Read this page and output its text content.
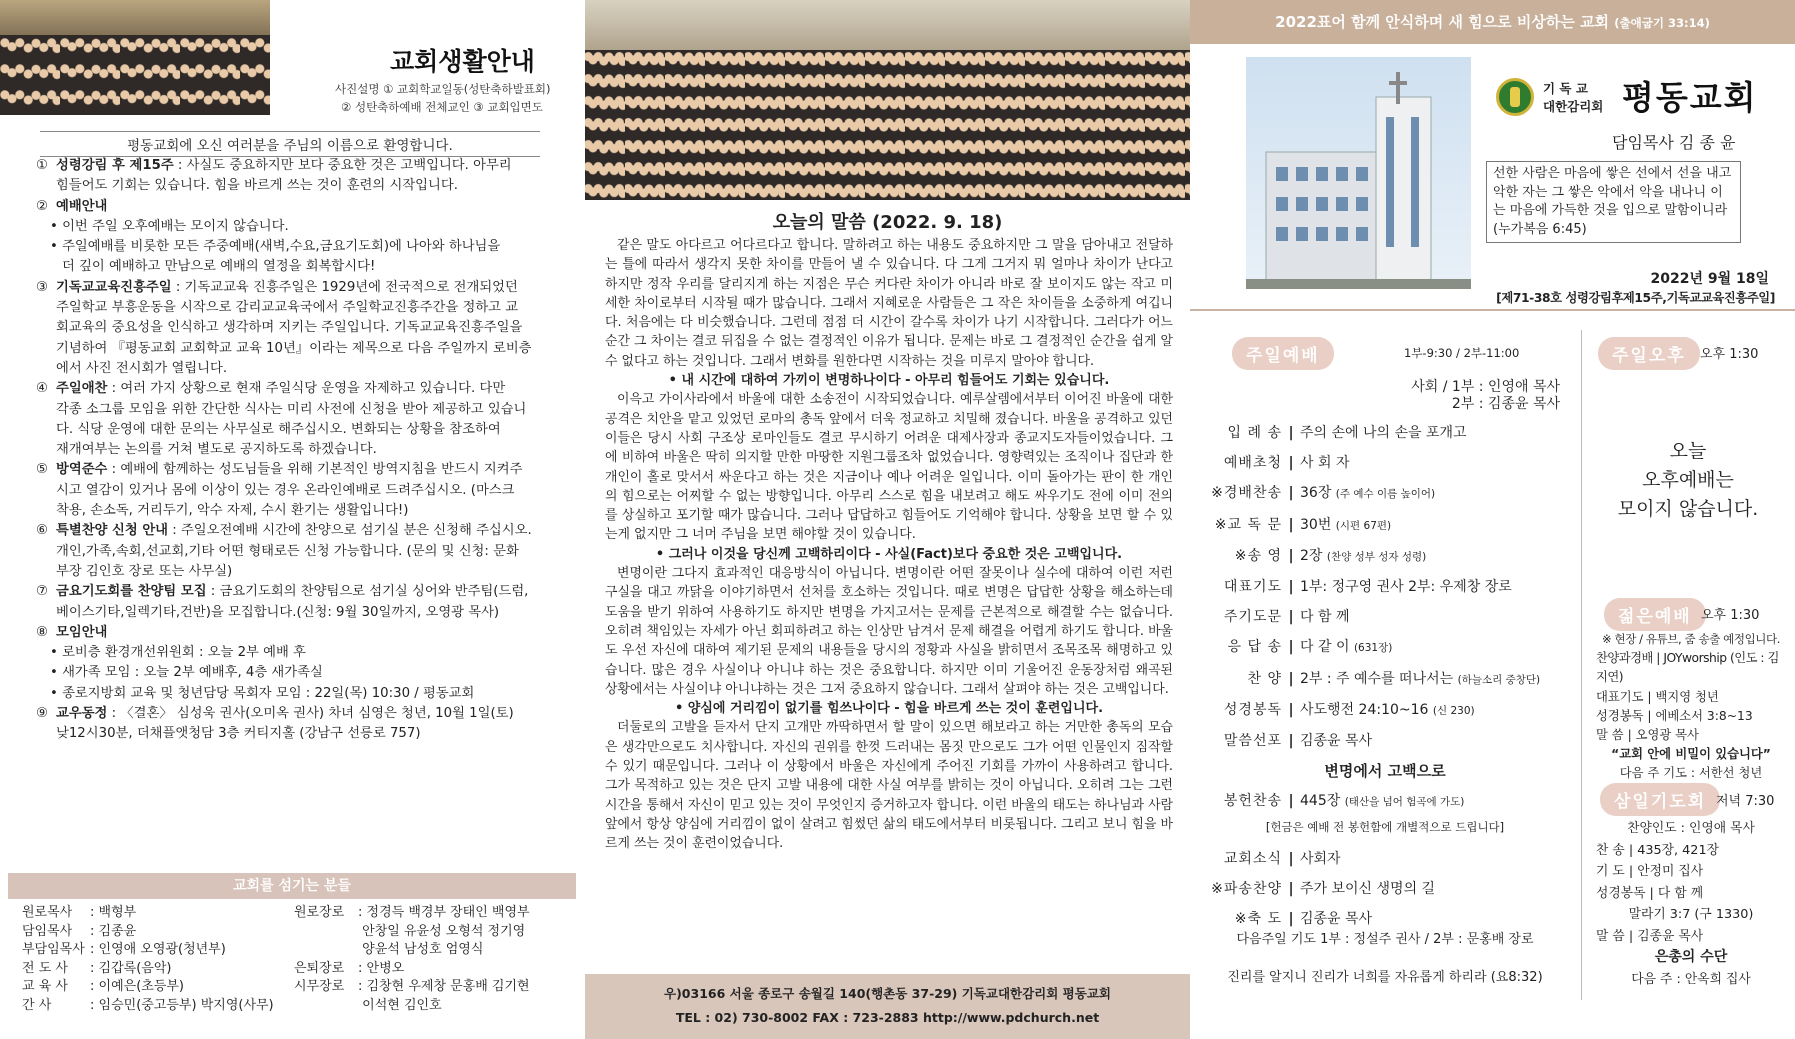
교회생활안내
사진설명 ① 교회학교일동(성탄축하발표회)
② 성탄축하예배 전체교인 ③ 교회입면도
평동교회에 오신 여러분을 주님의 이름으로 환영합니다.

① 성령강림 후 제15주 : 사실도 중요하지만 보다 중요한 것은 고백입니다. 아무리

힘들어도 기회는 있습니다. 힘을 바르게 쓰는 것이 훈련의 시작입니다.

② 예배안내

• 이번 주일 오후예배는 모이지 않습니다.

• 주일예배를 비롯한 모든 주중예배(새벽,수요,금요기도회)에 나아와 하나님을

더 깊이 예배하고 만남으로 예배의 열정을 회복합시다!

③ 기독교교육진흥주일 : 기독교교육 진흥주일은 1929년에 전국적으로 전개되었던

주일학교 부흥운동을 시작으로 감리교교육국에서 주일학교진흥주간을 정하고 교

회교육의 중요성을 인식하고 생각하며 지키는 주일입니다. 기독교교육진흥주일을

기념하여 『평동교회 교회학교 교육 10년』이라는 제목으로 다음 주일까지 로비층

에서 사진 전시회가 열립니다.

④ 주일애찬 : 여러 가지 상황으로 현재 주일식당 운영을 자제하고 있습니다. 다만

각종 소그룹 모임을 위한 간단한 식사는 미리 사전에 신청을 받아 제공하고 있습니

다. 식당 운영에 대한 문의는 사무실로 해주십시오. 변화되는 상황을 참조하여

재개여부는 논의를 거쳐 별도로 공지하도록 하겠습니다.

⑤ 방역준수 : 예배에 함께하는 성도님들을 위해 기본적인 방역지침을 반드시 지켜주

시고 열감이 있거나 몸에 이상이 있는 경우 온라인예배로 드려주십시오. (마스크

착용, 손소독, 거리두기, 악수 자제, 수시 환기는 생활입니다!)

⑥ 특별찬양 신청 안내 : 주일오전예배 시간에 찬양으로 섬기실 분은 신청해 주십시오.

개인,가족,속회,선교회,기타 어떤 형태로든 신청 가능합니다. (문의 및 신청: 문화

부장 김인호 장로 또는 사무실)

⑦ 금요기도회를 찬양팀 모집 : 금요기도회의 찬양팀으로 섬기실 싱어와 반주팀(드럼,

베이스기타,일렉기타,건반)을 모집합니다.(신청: 9월 30일까지, 오영광 목사)

⑧ 모임안내

• 로비층 환경개선위원회 : 오늘 2부 예배 후

• 새가족 모임 : 오늘 2부 예배후, 4층 새가족실

• 종로지방회 교육 및 청년담당 목회자 모임 : 22일(목) 10:30 / 평동교회

⑨ 교우동정 : 〈결혼〉 심성욱 권사(오미옥 권사) 차녀 심영은 청년, 10월 1일(토)

낮12시30분, 더채플앳청담 3층 커티지홀 (강남구 선릉로 757)

교회를 섬기는 분들
원로목사 : 백형부
담임목사 : 김종윤
부담임목사 : 인영애 오영광(청년부)
전 도 사 : 김갑록(음악)
교 육 사 : 이예은(초등부)
간 사	: 임승민(중고등부) 박지영(사무)
원로장로 : 정경득 백경부 장태인 백영부
안창일 유윤성 오형석 정기영
양윤석 남성호 엄영식
은퇴장로 : 안병오
시무장로 : 김창현 우제창 문홍배 김기현
이석현 김인호
오늘의 말씀 (2022. 9. 18)

같은 말도 아다르고 어다르다고 합니다. 말하려고 하는 내용도 중요하지만 그 말을 담아내고 전달하는 틀에 따라서 생각지 못한 차이를 만들어 낼 수 있습니다. 다 그게 그거지 뭐 얼마나 차이가 난다고 하지만 정작 우리를 달리지게 하는 지점은 무슨 커다란 차이가 아니라 바로 잘 보이지도 않는 작고 미세한 차이로부터 시작될 때가 많습니다. 그래서 지혜로운 사람들은 그 작은 차이들을 소중하게 여깁니다. 처음에는 다 비슷했습니다. 그런데 점점 더 시간이 갈수록 차이가 나기 시작합니다. 그러다가 어느 순간 그 차이는 결코 뒤집을 수 없는 결정적인 이유가 됩니다. 문제는 바로 그 결정적인 순간을 쉽게 알수 없다고 하는 것입니다. 그래서 변화를 원한다면 시작하는 것을 미루지 말아야 합니다.

• 내 시간에 대하여 가끼이 변명하나이다 - 아무리 힘들어도 기회는 있습니다.

이윽고 가이사라에서 바울에 대한 소송전이 시작되었습니다. 예루살렘에서부터 이어진 바울에 대한 공격은 치안을 맡고 있었던 로마의 총독 앞에서 더욱 정교하고 치밀해 졌습니다. 바울을 공격하고 있던 이들은 당시 사회 구조상 로마인들도 결코 무시하기 어려운 대제사장과 종교지도자들이었습니다. 그에 비하여 바울은 딱히 의지할 만한 마땅한 지원그룹조차 없었습니다. 영향력있는 조직이나 집단과 한 개인이 홀로 맞서서 싸운다고 하는 것은 지금이나 예나 어려운 일입니다. 이미 돌아가는 판이 한 개인의 힘으로는 어찌할 수 없는 방향입니다. 아무리 스스로 힘을 내보려고 해도 싸우기도 전에 이미 전의를 상실하고 포기할 때가 많습니다. 그러나 답답하고 힘들어도 기억해야 합니다. 상황을 보면 할 수 있는게 없지만 그 너머 주님을 보면 해야할 것이 있습니다.

• 그러나 이것을 당신께 고백하리이다 - 사실(Fact)보다 중요한 것은 고백입니다.

변명이란 그다지 효과적인 대응방식이 아닙니다. 변명이란 어떤 잘못이나 실수에 대하여 이런 저런 구실을 대고 까닭을 이야기하면서 선처를 호소하는 것입니다. 때로 변명은 답답한 상황을 해소하는데 도움을 받기 위하여 사용하기도 하지만 변명을 가지고서는 문제를 근본적으로 해결할 수는 없습니다. 오히려 책임있는 자세가 아닌 회피하려고 하는 인상만 남겨서 문제 해결을 어렵게 하기도 합니다. 바울도 우선 자신에 대하여 제기된 문제의 내용들을 당시의 정황과 사실을 밝히면서 조목조목 해명하고 있습니다. 많은 경우 사실이나 아니냐 하는 것은 중요합니다. 하지만 이미 기울어진 운동장처럼 왜곡된 상황에서는 사실이냐 아니냐하는 것은 그저 중요하지 않습니다. 그래서 살펴야 하는 것은 고백입니다.

• 양심에 거리낌이 없기를 힘쓰나이다 - 힘을 바르게 쓰는 것이 훈련입니다.

더둘로의 고발을 듣자서 단지 고개만 까딱하면서 할 말이 있으면 해보라고 하는 거만한 총독의 모습은 생각만으로도 치사합니다. 자신의 권위를 한껏 드러내는 몸짓 만으로도 그가 어떤 인물인지 짐작할 수 있기 때문입니다. 그러나 이 상황에서 바울은 자신에게 주어진 기회를 가까이 사용하려고 합니다. 그가 목적하고 있는 것은 단지 고발 내용에 대한 사실 여부를 밝히는 것이 아닙니다. 오히려 그는 그런 시간을 통해서 자신이 믿고 있는 것이 무엇인지 증거하고자 합니다. 이런 바울의 태도는 하나님과 사람 앞에서 항상 양심에 거리낌이 없이 살려고 힘썼던 삶의 태도에서부터 비롯됩니다. 그리고 보니 힘을 바르게 쓰는 것이 훈련이었습니다.

우)03166 서울 종로구 송월길 140(행촌동 37-29) 기독교대한감리회 평동교회
TEL : 02) 730-8002 FAX : 723-2883 http://www.pdchurch.net
2022표어 함께 안식하며 새 힘으로 비상하는 교회 (출애굽기 33:14)
기 독 교
대한감리회 평동교회
담임목사 김 종 윤
선한 사람은 마음에 쌓은 선에서 선을 내고 악한 자는 그 쌓은 악에서 악을 내나니 이는 마음에 가득한 것을 입으로 말함이니라 (누가복음 6:45)
2022년 9월 18일
[제71-38호 성령강림후제15주,기독교교육진흥주일]
주일예배	1부-9:30 / 2부-11:00
사회 / 1부 : 인영애 목사
2부 : 김종윤 목사
입 례 송 | 주의 손에 나의 손을 포개고
예배초청 | 사 회 자
※경배찬송 | 36장 (주 예수 이름 높이어)
※교 독 문 | 30번 (시편 67편)
※송 영 | 2장 (찬양 성부 성자 성령)
대표기도 | 1부: 정구영 권사 2부: 우제창 장로
주기도문 | 다 함 께
응 답 송 | 다 같 이 (631장)
찬 양 | 2부 : 주 예수를 떠나서는 (하늘소리 중창단)
성경봉독 | 사도행전 24:10~16 (신 230)
말씀선포 | 김종윤 목사
변명에서 고백으로
봉헌찬송 | 445장 (태산을 넘어 험곡에 가도)
[헌금은 예배 전 봉헌함에 개별적으로 드립니다]
교회소식 | 사회자
※파송찬양 | 주가 보이신 생명의 길
※축 도 | 김종윤 목사
다음주일 기도 1부 : 정설주 권사 / 2부 : 문홍배 장로
진리를 알지니 진리가 너희를 자유롭게 하리라 (요8:32)
주일오후	오후 1:30
오늘
오후예배는
모이지 않습니다.
젊은예배 오후 1:30
※ 현장 / 유튜브, 줌 송출 예정입니다.
찬양과경배 | JOYworship (인도 : 김지연)
대표기도 | 백지영 청년
성경봉독 | 에베소서 3:8~13
말 씀 | 오영광 목사
“교회 안에 비밀이 있습니다”
다음 주 기도 : 서한선 청년
삼일기도회 저녁 7:30
찬양인도 : 인영애 목사
찬 송 | 435장, 421장
기 도 | 안정미 집사
성경봉독 | 다 함 께
말라기 3:7 (구 1330)
말 씀 | 김종윤 목사
은총의 수단
다음 주 : 안옥희 집사
